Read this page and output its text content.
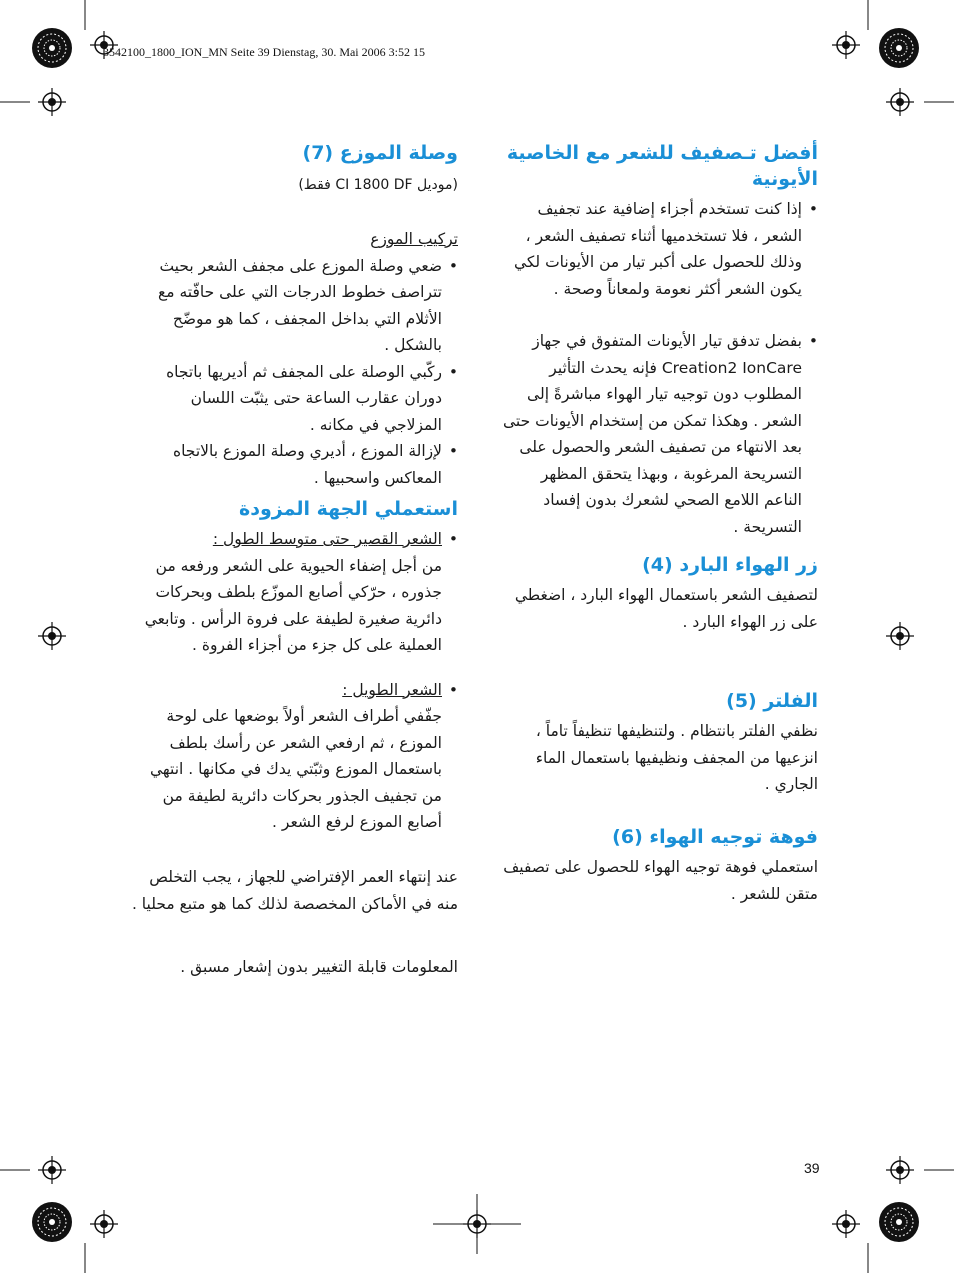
3542100_1800_ION_MN Seite 39 Dienstag, 30. Mai 2006 3:52 15
أفضل تـصفيف للشعر مع الخاصية الأيونية
• إذا كنت تستخدم أجزاء إضافية عند تجفيف الشعر ، فلا تستخدميها أثناء تصفيف الشعر ، وذلك للحصول على أكبر تيار من الأيونات لكي يكون الشعر أكثر نعومة ولمعاناً وصحة .
• بفضل تدفق تيار الأيونات المتفوق في جهاز Creation2 IonCare فإنه يحدث التأثير المطلوب دون توجيه تيار الهواء مباشرةً إلى الشعر . وهكذا تمكن من إستخدام الأيونات حتى بعد الانتهاء من تصفيف الشعر والحصول على التسريحة المرغوبة ، وبهذا يتحقق المظهر الناعم اللامع الصحي لشعرك بدون إفساد التسريحة .
زر الهواء البارد (4)

لتصفيف الشعر باستعمال الهواء البارد ، اضغطي على زر الهواء البارد .

الفلتر (5)

نظفي الفلتر بانتظام . ولتنظيفها تنظيفاً تاماً ، انزعيها من المجفف ونظيفيها باستعمال الماء الجاري .

فوهة توجيه الهواء (6)

استعملي فوهة توجيه الهواء للحصول على تصفيف متقن للشعر .

وصلة الموزع (7)

(موديل CI 1800 DF فقط)

تركيب الموزع

• ضعي وصلة الموزع على مجفف الشعر بحيث تتراصف خطوط الدرجات التي على حافّته مع الأثلام التي بداخل المجفف ، كما هو موضّح بالشكل .
• ركّبي الوصلة على المجفف ثم أديريها باتجاه دوران عقارب الساعة حتى يثبّت اللسان المزلاجي في مكانه .
• لإزالة الموزع ، أديري وصلة الموزع بالاتجاه المعاكس واسحبيها .
استعملي الجهة المزودة
• الشعر القصير حتى متوسط الطول :
من أجل إضفاء الحيوية على الشعر ورفعه من جذوره ، حرّكي أصابع الموزّع بلطف وبحركات دائرية صغيرة لطيفة على فروة الرأس . وتابعي العملية على كل جزء من أجزاء الفروة .
• الشعر الطويل :
جفّفي أطراف الشعر أولاً بوضعها على لوحة الموزع ، ثم ارفعي الشعر عن رأسك بلطف باستعمال الموزع وثبّتي يدك في مكانها . انتهي من تجفيف الجذور بحركات دائرية لطيفة من أصابع الموزع لرفع الشعر .

عند إنتهاء العمر الإفتراضي للجهاز ، يجب التخلص منه في الأماكن المخصصة لذلك كما هو متبع محليا .

المعلومات قابلة التغيير بدون إشعار مسبق .

39
